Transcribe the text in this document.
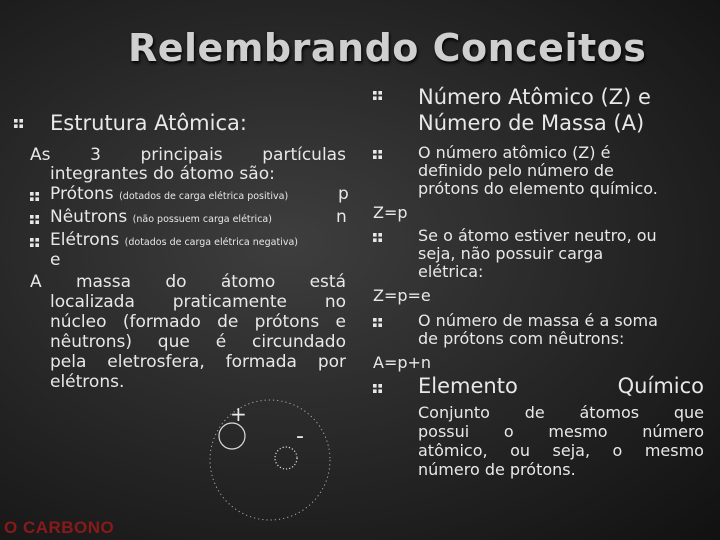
Relembrando Conceitos
Estrutura Atômica:
As 3 principais partículas
integrantes do átomo são:
Prótons (dotados de carga elétrica positiva)	p
Nêutrons (não possuem carga elétrica)	n
Elétrons (dotados de carga elétrica negativa)
e
A massa do átomo está
localizada praticamente no
núcleo (formado de prótons e
nêutrons) que é circundado
pela eletrosfera, formada por
elétrons.
+
-
O CARBONO
Número Atômico (Z) e
Número de Massa (A)
O número atômico (Z) é
definido pelo número de
prótons do elemento químico.
Z=p
Se o átomo estiver neutro, ou
seja, não possuir carga
elétrica:
Z=p=e
O número de massa é a soma
de prótons com nêutrons:
A=p+n
Elemento	Químico
Conjunto de átomos que
possui o mesmo número
atômico, ou seja, o mesmo
número de prótons.
